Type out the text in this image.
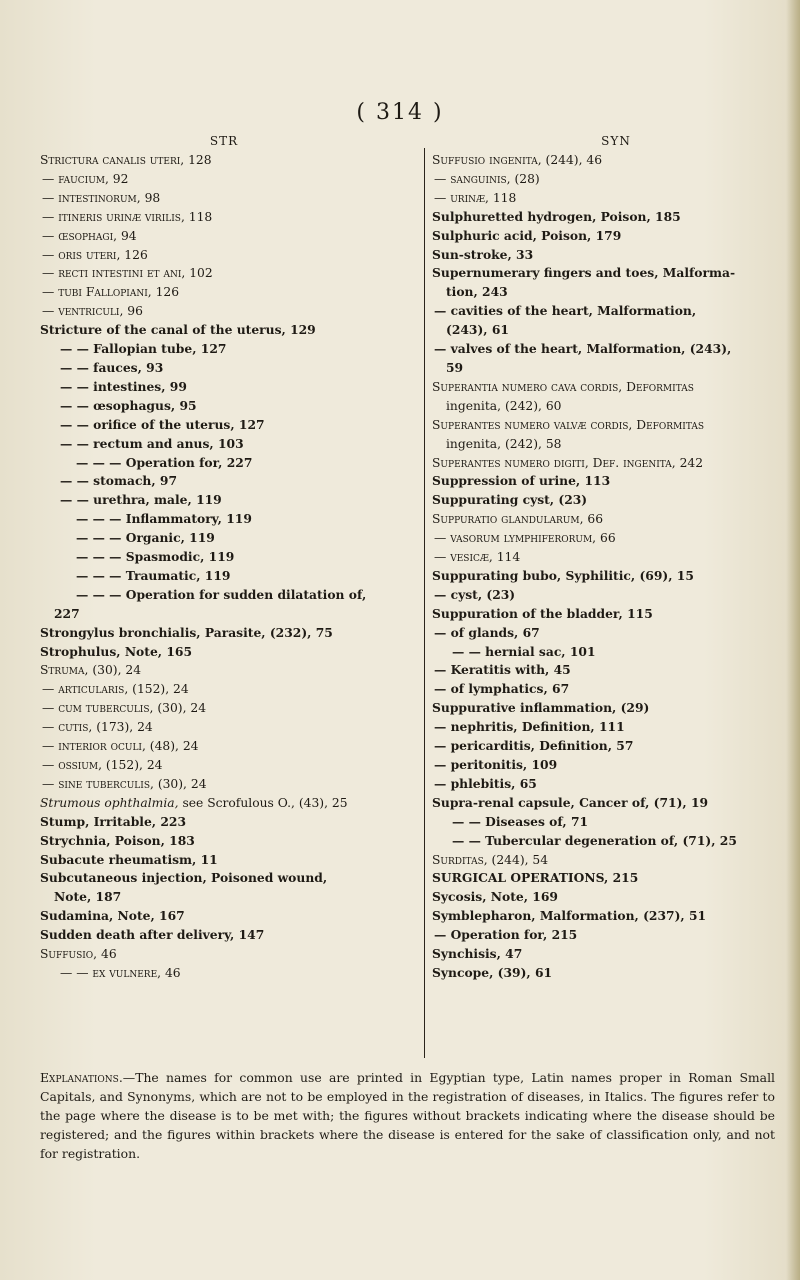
( 314 )
STR
Strictura canalis uteri, 128
— faucium, 92
— intestinorum, 98
— itineris urinæ virilis, 118
— œsophagi, 94
— oris uteri, 126
— recti intestini et ani, 102
— tubi Fallopiani, 126
— ventriculi, 96
Stricture of the canal of the uterus, 129
— — Fallopian tube, 127
— — fauces, 93
— — intestines, 99
— — œsophagus, 95
— — orifice of the uterus, 127
— — rectum and anus, 103
— — — Operation for, 227
— — stomach, 97
— — urethra, male, 119
— — — Inflammatory, 119
— — — Organic, 119
— — — Spasmodic, 119
— — — Traumatic, 119
— — — Operation for sudden dilatation of,
227
Strongylus bronchialis, Parasite, (232), 75
Strophulus, Note, 165
Struma, (30), 24
— articularis, (152), 24
— cum tuberculis, (30), 24
— cutis, (173), 24
— interior oculi, (48), 24
— ossium, (152), 24
— sine tuberculis, (30), 24
Strumous ophthalmia, see Scrofulous O., (43), 25
Stump, Irritable, 223
Strychnia, Poison, 183
Subacute rheumatism, 11
Subcutaneous injection, Poisoned wound,
Note, 187
Sudamina, Note, 167
Sudden death after delivery, 147
Suffusio, 46
— — ex vulnere, 46
SYN
Suffusio ingenita, (244), 46
— sanguinis, (28)
— urinæ, 118
Sulphuretted hydrogen, Poison, 185
Sulphuric acid, Poison, 179
Sun-stroke, 33
Supernumerary fingers and toes, Malforma-
tion, 243
— cavities of the heart, Malformation,
(243), 61
— valves of the heart, Malformation, (243),
59
Superantia numero cava cordis, Deformitas
ingenita, (242), 60
Superantes numero valvæ cordis, Deformitas
ingenita, (242), 58
Superantes numero digiti, Def. ingenita, 242
Suppression of urine, 113
Suppurating cyst, (23)
Suppuratio glandularum, 66
— vasorum lymphiferorum, 66
— vesicæ, 114
Suppurating bubo, Syphilitic, (69), 15
— cyst, (23)
Suppuration of the bladder, 115
— of glands, 67
— — hernial sac, 101
— Keratitis with, 45
— of lymphatics, 67
Suppurative inflammation, (29)
— nephritis, Definition, 111
— pericarditis, Definition, 57
— peritonitis, 109
— phlebitis, 65
Supra-renal capsule, Cancer of, (71), 19
— — Diseases of, 71
— — Tubercular degeneration of, (71), 25
Surditas, (244), 54
SURGICAL OPERATIONS, 215
Sycosis, Note, 169
Symblepharon, Malformation, (237), 51
— Operation for, 215
Synchisis, 47
Syncope, (39), 61
Explanations.—The names for common use are printed in Egyptian type, Latin names proper in Roman Small Capitals, and Synonyms, which are not to be employed in the registration of diseases, in Italics. The figures refer to the page where the disease is to be met with; the figures without brackets indicating where the disease should be registered; and the figures within brackets where the disease is entered for the sake of classification only, and not for registration.
